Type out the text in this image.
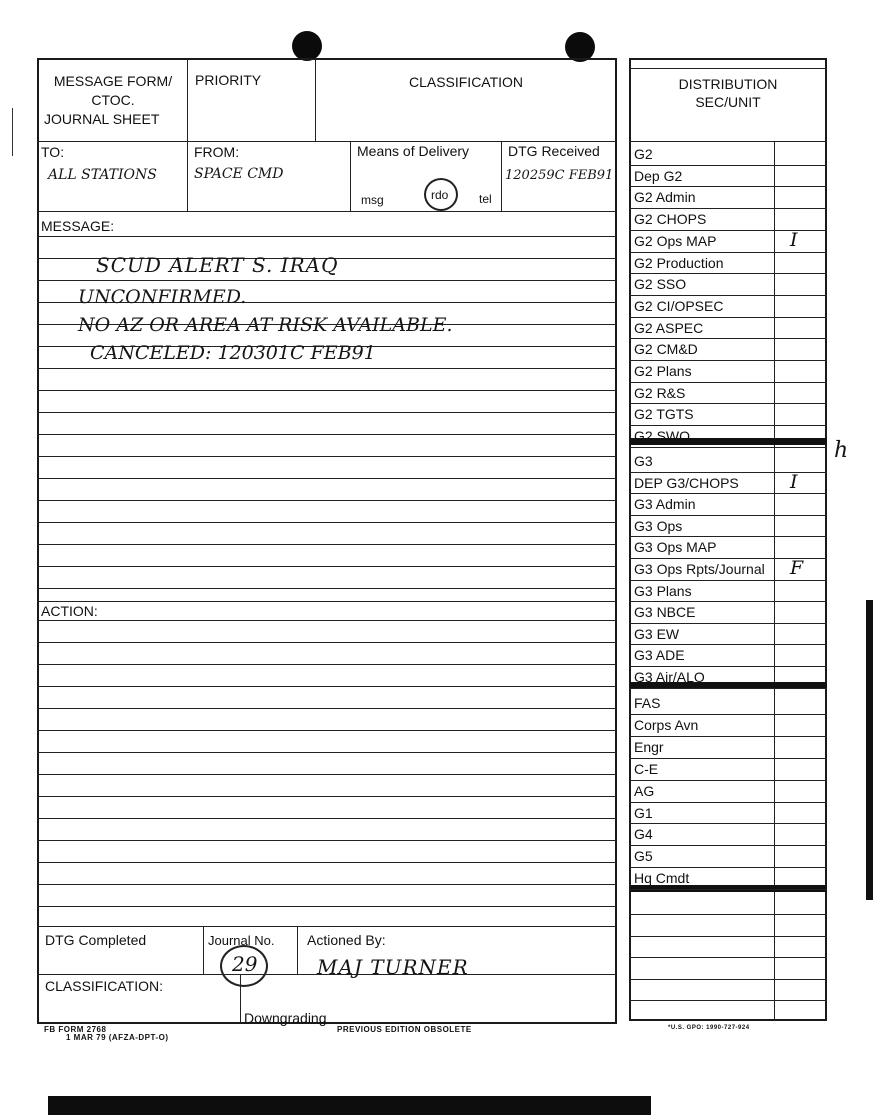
MESSAGE FORM/
CTOC.
JOURNAL SHEET
PRIORITY	CLASSIFICATION
TO:
ALL STATIONS
FROM:
SPACE CMD
Means of Delivery
msg	rdo	tel
DTG Received
120259C FEB91
MESSAGE:
SCUD ALERT S. IRAQ
UNCONFIRMED.
NO AZ OR AREA AT RISK AVAILABLE.
CANCELED: 120301C FEB91
ACTION:
DTG Completed	Journal No.
29
Actioned By:
MAJ TURNER
CLASSIFICATION:
Downgrading
FB FORM 2768
1 MAR 79 (AFZA-DPT-O)
PREVIOUS EDITION OBSOLETE	*U.S. GPO: 1990-727-924
DISTRIBUTION
SEC/UNIT
G2
Dep G2
G2 Admin
G2 CHOPS
G2 Ops MAP	I
G2 Production
G2 SSO
G2 CI/OPSEC
G2 ASPEC
G2 CM&D
G2 Plans
G2 R&S
G2 TGTS
G2 SWO
G3
DEP G3/CHOPS	I
G3 Admin
G3 Ops
G3 Ops MAP
G3 Ops Rpts/Journal F
G3 Plans
G3 NBCE
G3 EW
G3 ADE
G3 Air/ALO
FAS
Corps Avn
Engr
C-E
AG
G1
G4
G5
Hq Cmdt
h
